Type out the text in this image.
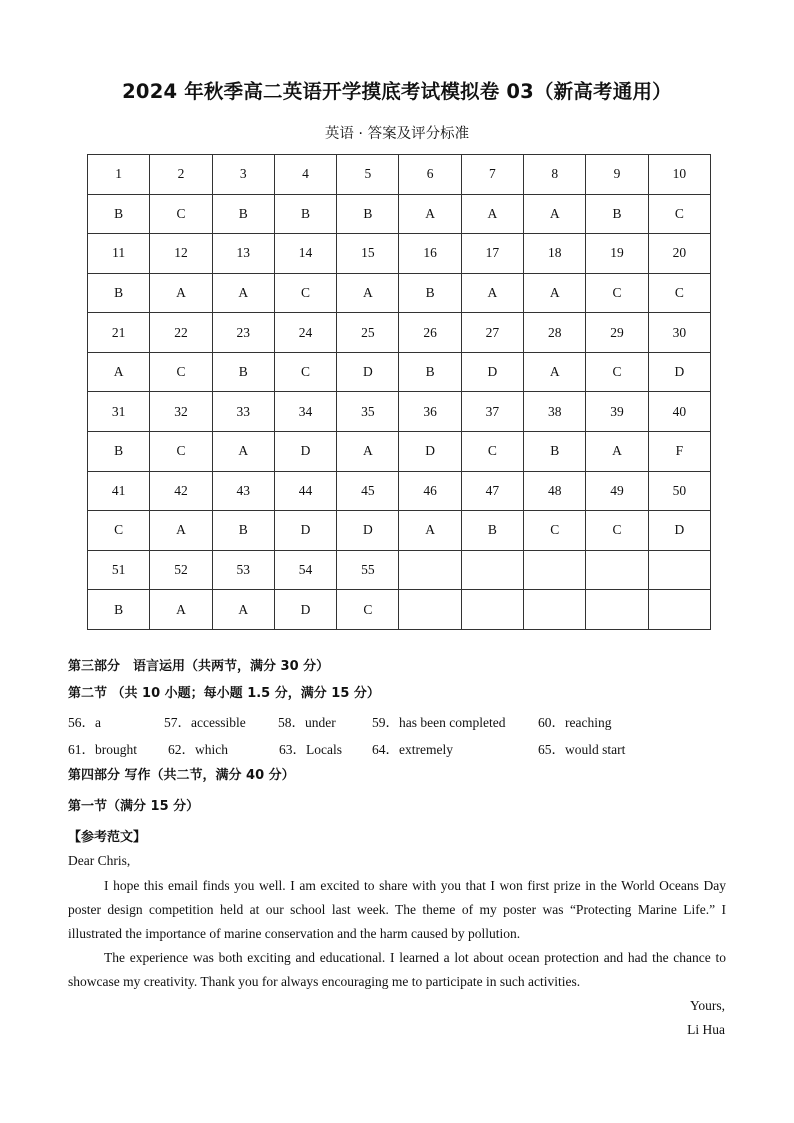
2024 年秋季高二英语开学摸底考试模拟卷 03（新高考通用）
英语 · 答案及评分标准
1	2	3	4	5	6	7	8	9	10
B	C	B	B	B	A	A	A	B	C
11	12	13	14	15	16	17	18	19	20
B	A	A	C	A	B	A	A	C	C
21	22	23	24	25	26	27	28	29	30
A	C	B	C	D	B	D	A	C	D
31	32	33	34	35	36	37	38	39	40
B	C	A	D	A	D	C	B	A	F
41	42	43	44	45	46	47	48	49	50
C	A	B	D	D	A	B	C	C	D
51	52	53	54	55					
B	A	A	D	C					
第三部分　语言运用（共两节，满分 30 分）
第二节 （共 10 小题；每小题 1.5 分，满分 15 分）
56．a	57．accessible 58．under	59．has been completed 60．reaching
61．brought 62．which	63．Locals 64．extremely	65．would start
第四部分 写作（共二节，满分 40 分）
第一节（满分 15 分）
【参考范文】
Dear Chris,
I hope this email finds you well. I am excited to share with you that I won first prize in the World Oceans Day poster design competition held at our school last week. The theme of my poster was “Protecting Marine Life.” I illustrated the importance of marine conservation and the harm caused by pollution.
The experience was both exciting and educational. I learned a lot about ocean protection and had the chance to showcase my creativity. Thank you for always encouraging me to participate in such activities.
Yours,
Li Hua
